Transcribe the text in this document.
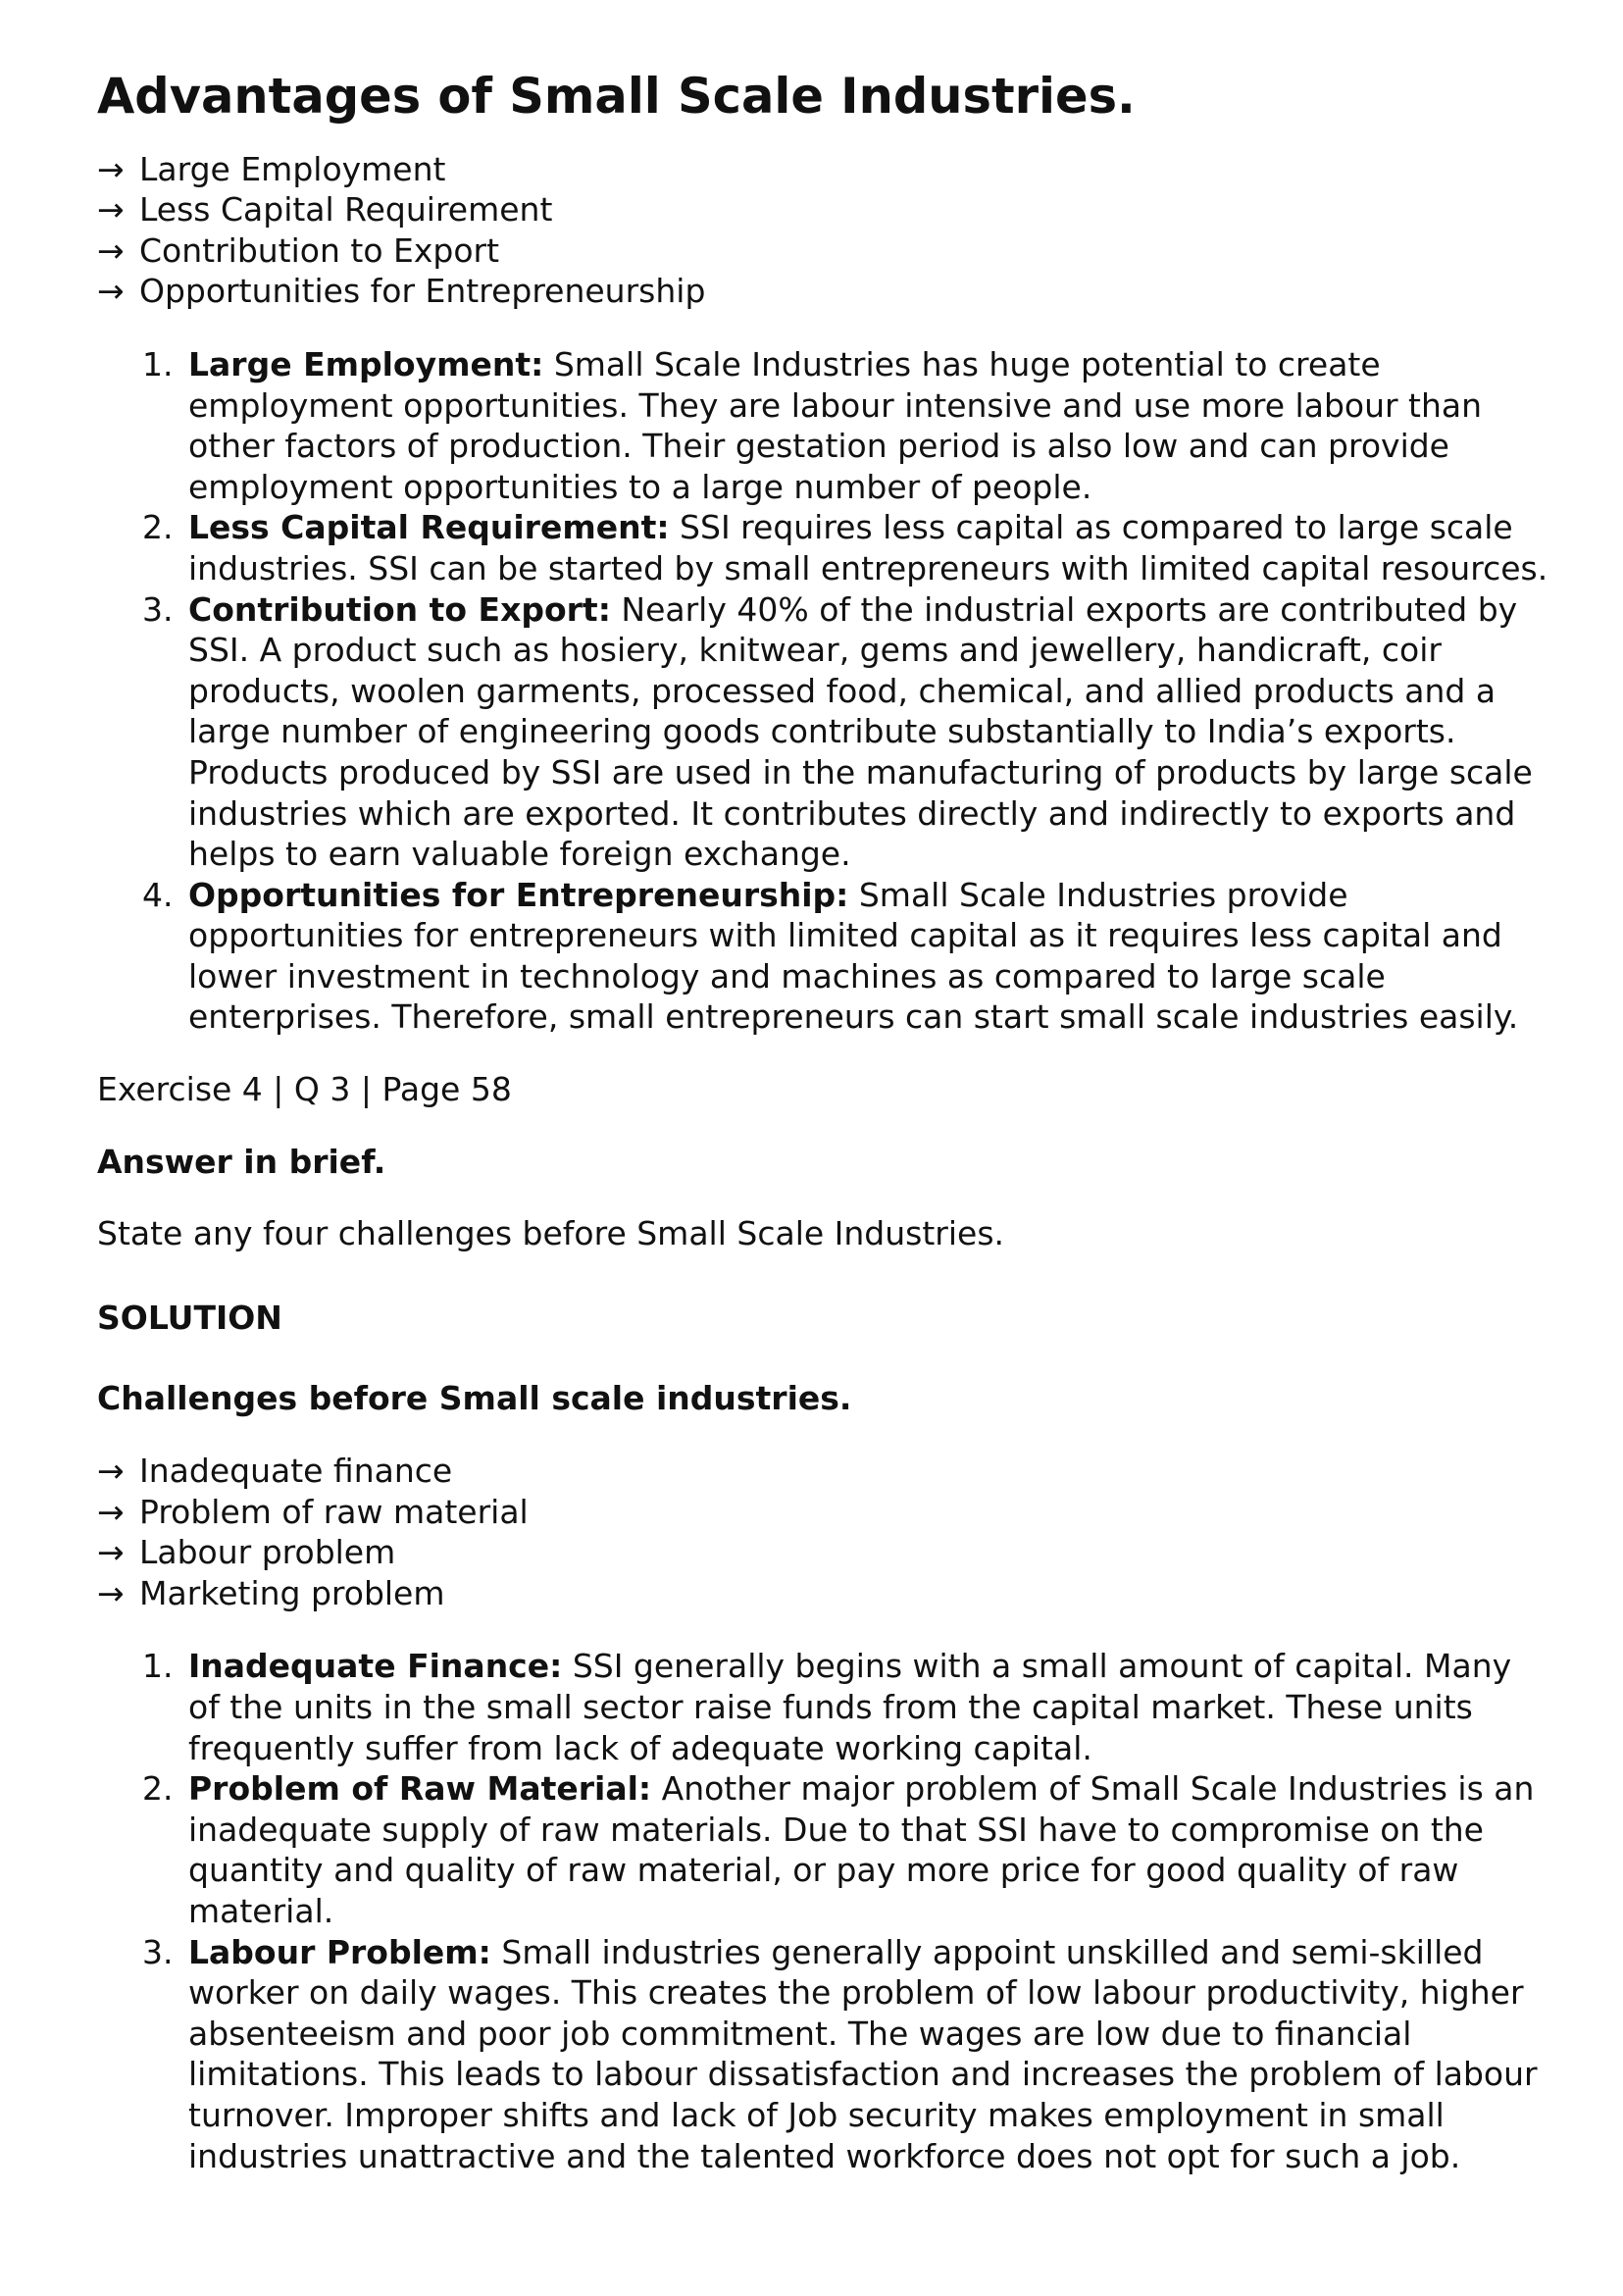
Advantages of Small Scale Industries.
→ Large Employment
→ Less Capital Requirement
→ Contribution to Export
→ Opportunities for Entrepreneurship
1. Large Employment: Small Scale Industries has huge potential to create employment opportunities. They are labour intensive and use more labour than other factors of production. Their gestation period is also low and can provide employment opportunities to a large number of people.
2. Less Capital Requirement: SSI requires less capital as compared to large scale industries. SSI can be started by small entrepreneurs with limited capital resources.
3. Contribution to Export: Nearly 40% of the industrial exports are contributed by SSI. A product such as hosiery, knitwear, gems and jewellery, handicraft, coir products, woolen garments, processed food, chemical, and allied products and a large number of engineering goods contribute substantially to India’s exports. Products produced by SSI are used in the manufacturing of products by large scale industries which are exported. It contributes directly and indirectly to exports and helps to earn valuable foreign exchange.
4. Opportunities for Entrepreneurship: Small Scale Industries provide opportunities for entrepreneurs with limited capital as it requires less capital and lower investment in technology and machines as compared to large scale enterprises. Therefore, small entrepreneurs can start small scale industries easily.

Exercise 4 | Q 3 | Page 58

Answer in brief.

State any four challenges before Small Scale Industries.

SOLUTION

Challenges before Small scale industries.

→ Inadequate finance
→ Problem of raw material
→ Labour problem
→ Marketing problem
1. Inadequate Finance: SSI generally begins with a small amount of capital. Many of the units in the small sector raise funds from the capital market. These units frequently suffer from lack of adequate working capital.
2. Problem of Raw Material: Another major problem of Small Scale Industries is an inadequate supply of raw materials. Due to that SSI have to compromise on the quantity and quality of raw material, or pay more price for good quality of raw material.
3. Labour Problem: Small industries generally appoint unskilled and semi-skilled worker on daily wages. This creates the problem of low labour productivity, higher absenteeism and poor job commitment. The wages are low due to financial limitations. This leads to labour dissatisfaction and increases the problem of labour turnover. Improper shifts and lack of Job security makes employment in small industries unattractive and the talented workforce does not opt for such a job.
